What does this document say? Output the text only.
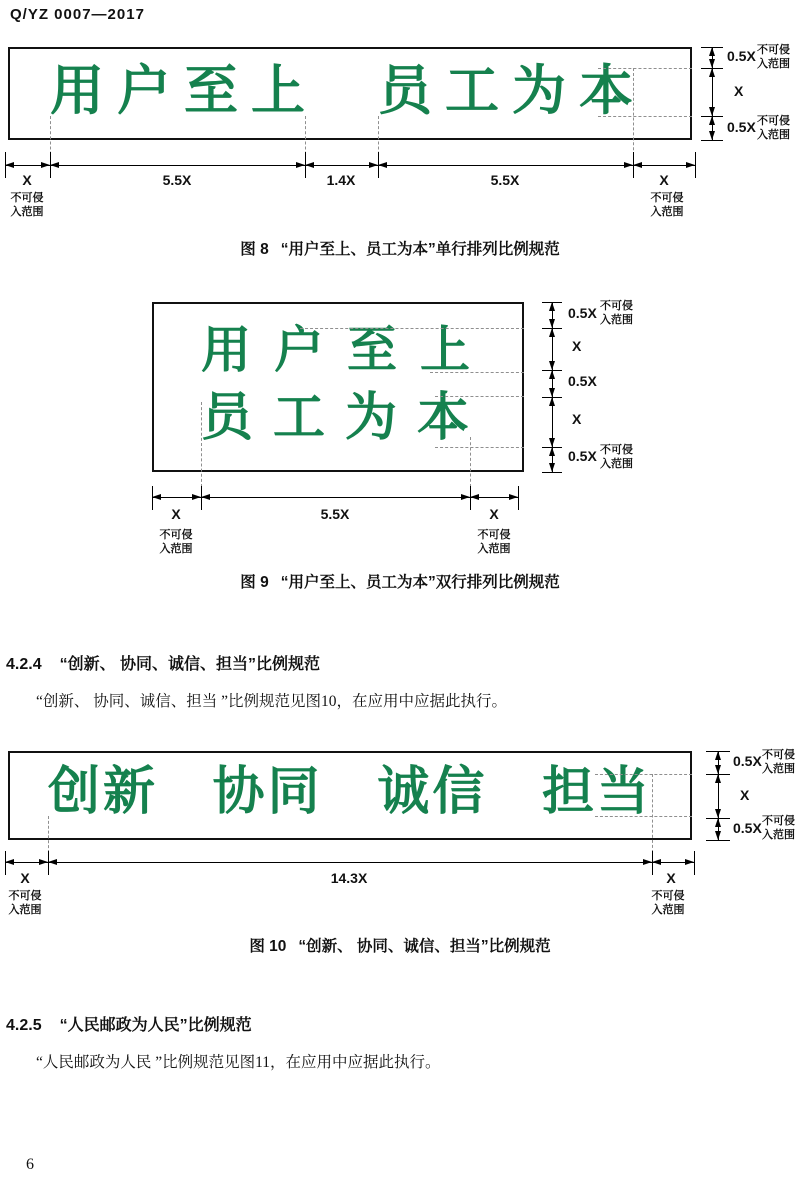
Q/YZ 0007—2017
用户至上 员工为本
0.5X 不可侵
入范围
X
0.5X 不可侵
入范围
X	5.5X	1.4X	5.5X	X
不可侵
入范围
不可侵
入范围
图 8 “用户至上、员工为本”单行排列比例规范
用户至上
员工为本
0.5X 不可侵
入范围
X
0.5X
X
0.5X 不可侵
入范围
X	5.5X	X
不可侵
入范围
不可侵
入范围
图 9 “用户至上、员工为本”双行排列比例规范
4.2.4 “创新、 协同、诚信、担当”比例规范
“创新、 协同、诚信、担当 ”比例规范见图10，在应用中应据此执行。
创新 协同 诚信 担当	0.5X 不可侵
入范围
X
0.5X 不可侵
入范围
X	14.3X	X
不可侵
入范围
不可侵
入范围
图 10 “创新、 协同、诚信、担当”比例规范
4.2.5 “人民邮政为人民”比例规范
“人民邮政为人民 ”比例规范见图11，在应用中应据此执行。
6
